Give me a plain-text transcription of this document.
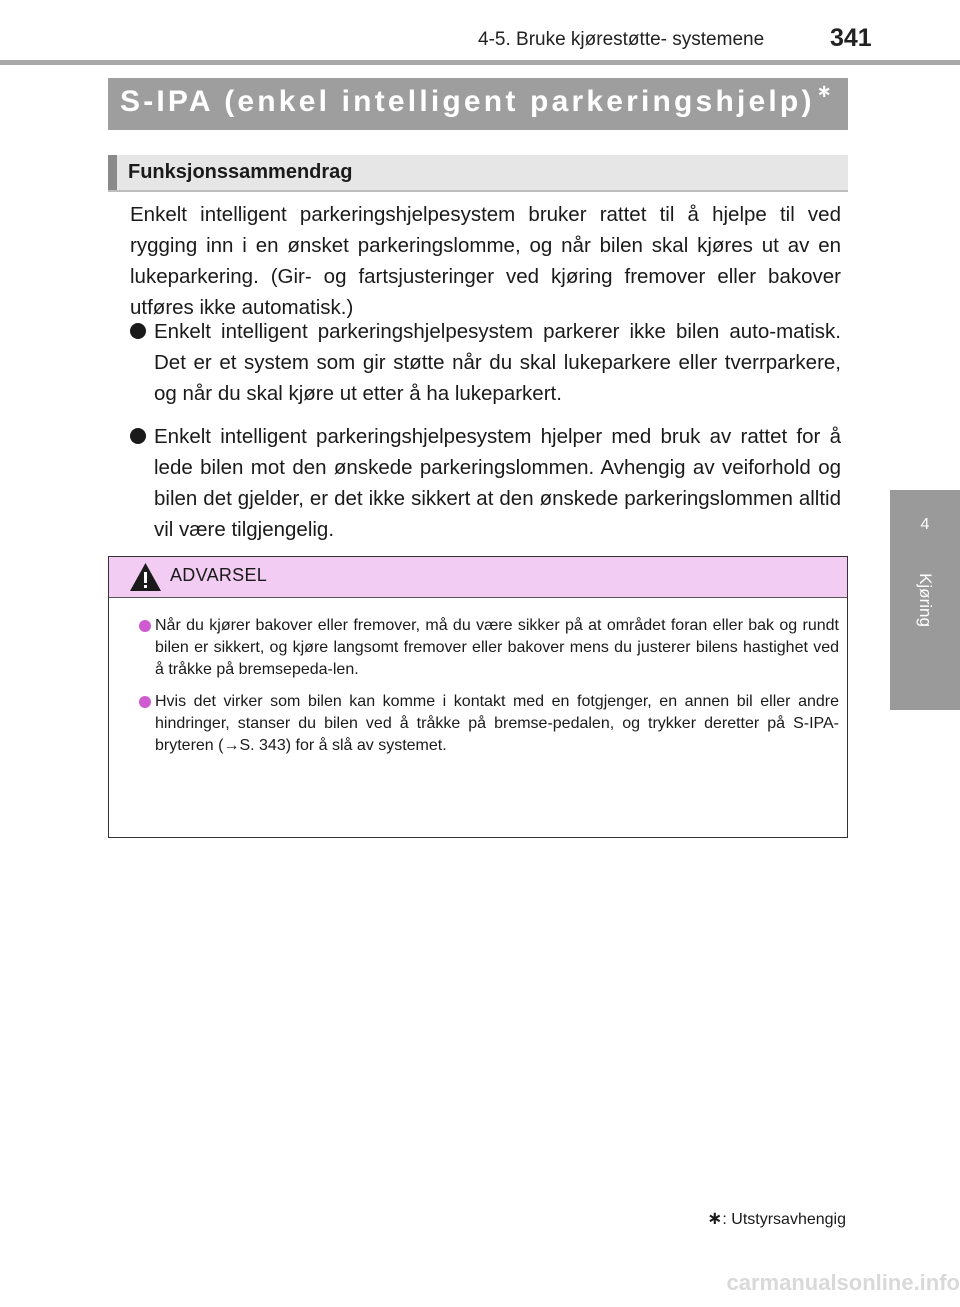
4-5. Bruke kjørestøtte- systemene	341
4
Kjøring
S-IPA (enkel intelligent parkeringshjelp) ∗
Funksjonssammendrag
Enkelt intelligent parkeringshjelpesystem bruker rattet til å hjelpe til ved rygging inn i en ønsket parkeringslomme, og når bilen skal kjøres ut av en lukeparkering. (Gir- og fartsjusteringer ved kjøring fremover eller bakover utføres ikke automatisk.)
Enkelt intelligent parkeringshjelpesystem parkerer ikke bilen auto-matisk. Det er et system som gir støtte når du skal lukeparkere eller tverrparkere, og når du skal kjøre ut etter å ha lukeparkert.
Enkelt intelligent parkeringshjelpesystem hjelper med bruk av rattet for å lede bilen mot den ønskede parkeringslommen. Avhengig av veiforhold og bilen det gjelder, er det ikke sikkert at den ønskede parkeringslommen alltid vil være tilgjengelig.
ADVARSEL
Når du kjører bakover eller fremover, må du være sikker på at området foran eller bak og rundt bilen er sikkert, og kjøre langsomt fremover eller bakover mens du justerer bilens hastighet ved å tråkke på bremsepeda-len.
Hvis det virker som bilen kan komme i kontakt med en fotgjenger, en annen bil eller andre hindringer, stanser du bilen ved å tråkke på bremse-pedalen, og trykker deretter på S-IPA-bryteren (→S. 343) for å slå av systemet.
∗: Utstyrsavhengig
carmanualsonline.info
